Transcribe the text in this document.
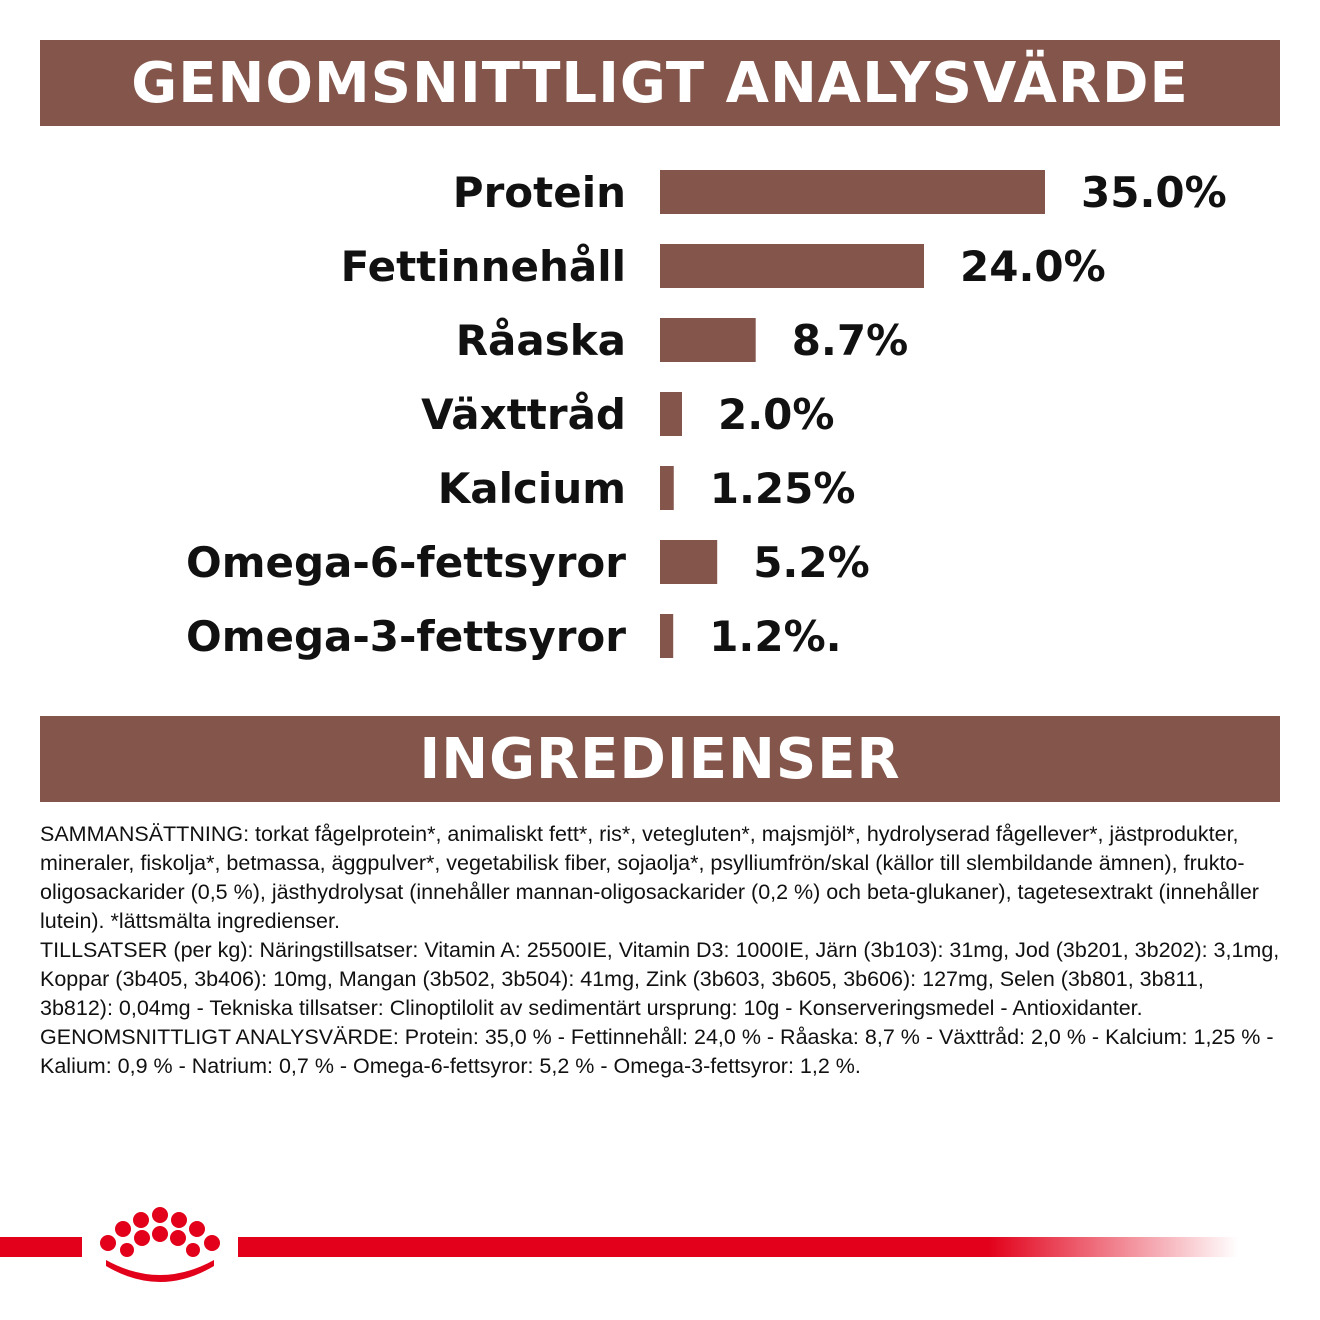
GENOMSNITTLIGT ANALYSVÄRDE
Protein	35.0%
Fettinnehåll	24.0%
Råaska	8.7%
Växttråd 2.0%
Kalcium 1.25%
Omega-6-fettsyror	5.2%
Omega-3-fettsyror 1.2%.
INGREDIENSER

SAMMANSÄTTNING: torkat fågelprotein*, animaliskt fett*, ris*, vetegluten*, majsmjöl*, hydrolyserad fågellever*, jästprodukter, mineraler, fiskolja*, betmassa, äggpulver*, vegetabilisk fiber, sojaolja*, psylliumfrön/skal (källor till slembildande ämnen), frukto-oligosackarider (0,5 %), jästhydrolysat (innehåller mannan-oligosackarider (0,2 %) och beta-glukaner), tagetesextrakt (innehåller lutein). *lättsmälta ingredienser.

TILLSATSER (per kg): Näringstillsatser: Vitamin A: 25500IE, Vitamin D3: 1000IE, Järn (3b103): 31mg, Jod (3b201, 3b202): 3,1mg, Koppar (3b405, 3b406): 10mg, Mangan (3b502, 3b504): 41mg, Zink (3b603, 3b605, 3b606): 127mg, Selen (3b801, 3b811, 3b812): 0,04mg - Tekniska tillsatser: Clinoptilolit av sedimentärt ursprung: 10g - Konserveringsmedel - Antioxidanter.

GENOMSNITTLIGT ANALYSVÄRDE: Protein: 35,0 % - Fettinnehåll: 24,0 % - Råaska: 8,7 % - Växttråd: 2,0 % - Kalcium: 1,25 % - Kalium: 0,9 % - Natrium: 0,7 % - Omega-6-fettsyror: 5,2 % - Omega-3-fettsyror: 1,2 %.
